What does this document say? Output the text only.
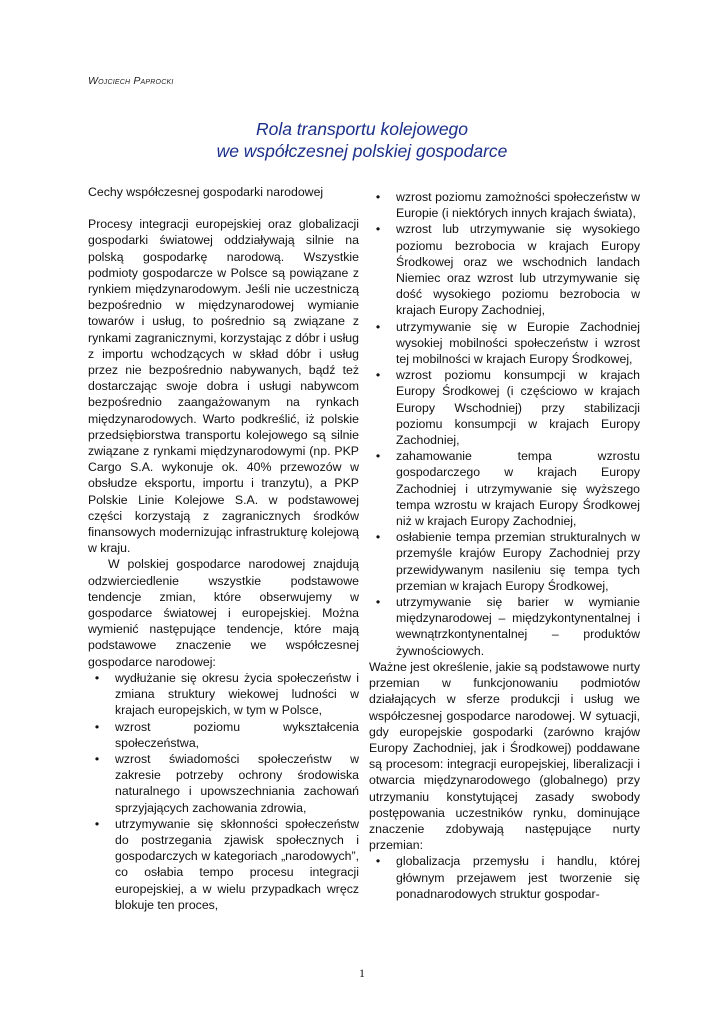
Wojciech Paprocki
Rola transportu kolejowego
we współczesnej polskiej gospodarce
Cechy współczesnej gospodarki narodowej

Procesy integracji europejskiej oraz globalizacji gospodarki światowej oddziaływają silnie na polską gospodarkę narodową. Wszystkie podmioty gospodarcze w Polsce są powiązane z rynkiem międzynarodowym. Jeśli nie uczestniczą bezpośrednio w międzynarodowej wymianie towarów i usług, to pośrednio są związane z rynkami zagranicznymi, korzystając z dóbr i usług z importu wchodzących w skład dóbr i usług przez nie bezpośrednio nabywanych, bądź też dostarczając swoje dobra i usługi nabywcom bezpośrednio zaangażowanym na rynkach międzynarodowych. Warto podkreślić, iż polskie przedsiębiorstwa transportu kolejowego są silnie związane z rynkami międzynarodowymi (np. PKP Cargo S.A. wykonuje ok. 40% przewozów w obsłudze eksportu, importu i tranzytu), a PKP Polskie Linie Kolejowe S.A. w podstawowej części korzystają z zagranicznych środków finansowych modernizując infrastrukturę kolejową w kraju.

W polskiej gospodarce narodowej znajdują odzwierciedlenie wszystkie podstawowe tendencje zmian, które obserwujemy w gospodarce światowej i europejskiej. Można wymienić następujące tendencje, które mają podstawowe znaczenie we współczesnej gospodarce narodowej:

•	wydłużanie się okresu życia społeczeństw i zmiana struktury wiekowej ludności w krajach europejskich, w tym w Polsce,
•	wzrost poziomu wykształcenia społeczeństwa,
•	wzrost świadomości społeczeństw w zakresie potrzeby ochrony środowiska naturalnego i upowszechniania zachowań sprzyjających zachowania zdrowia,
•	utrzymywanie się skłonności społeczeństw do postrzegania zjawisk społecznych i gospodarczych w kategoriach „narodowych”, co osłabia tempo procesu integracji europejskiej, a w wielu przypadkach wręcz blokuje ten proces,
•	wzrost poziomu zamożności społeczeństw w Europie (i niektórych innych krajach świata),
•	wzrost lub utrzymywanie się wysokiego poziomu bezrobocia w krajach Europy Środkowej oraz we wschodnich landach Niemiec oraz wzrost lub utrzymywanie się dość wysokiego poziomu bezrobocia w krajach Europy Zachodniej,
•	utrzymywanie się w Europie Zachodniej wysokiej mobilności społeczeństw i wzrost tej mobilności w krajach Europy Środkowej,
•	wzrost poziomu konsumpcji w krajach Europy Środkowej (i częściowo w krajach Europy Wschodniej) przy stabilizacji poziomu konsumpcji w krajach Europy Zachodniej,
•	zahamowanie tempa wzrostu gospodarczego w krajach Europy Zachodniej i utrzymywanie się wyższego tempa wzrostu w krajach Europy Środkowej niż w krajach Europy Zachodniej,
•	osłabienie tempa przemian strukturalnych w przemyśle krajów Europy Zachodniej przy przewidywanym nasileniu się tempa tych przemian w krajach Europy Środkowej,
•	utrzymywanie się barier w wymianie międzynarodowej – międzykontynentalnej i wewnątrzkontynentalnej – produktów żywnościowych.

Ważne jest określenie, jakie są podstawowe nurty przemian w funkcjonowaniu podmiotów działających w sferze produkcji i usług we współczesnej gospodarce narodowej. W sytuacji, gdy europejskie gospodarki (zarówno krajów Europy Zachodniej, jak i Środkowej) poddawane są procesom: integracji europejskiej, liberalizacji i otwarcia międzynarodowego (globalnego) przy utrzymaniu konstytującej zasady swobody postępowania uczestników rynku, dominujące znaczenie zdobywają następujące nurty przemian:

•	globalizacja przemysłu i handlu, której głównym przejawem jest tworzenie się ponadnarodowych struktur gospodar-
1
